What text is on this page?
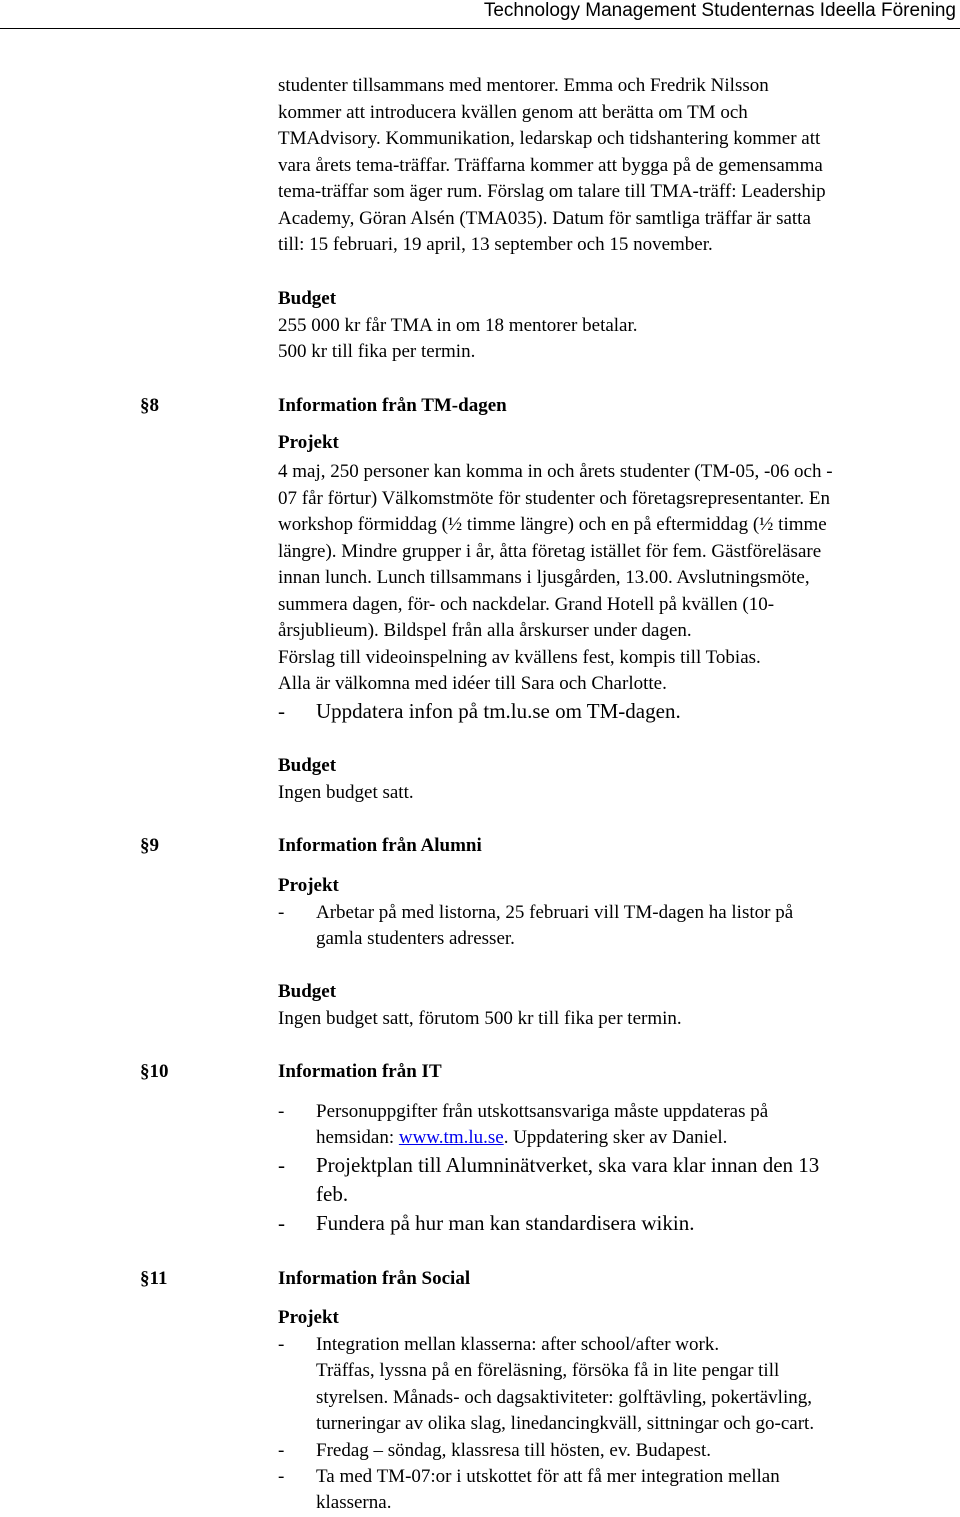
Technology Management Studenternas Ideella Förening
studenter tillsammans med mentorer. Emma och Fredrik Nilsson
kommer att introducera kvällen genom att berätta om TM och
TMAdvisory. Kommunikation, ledarskap och tidshantering kommer att
vara årets tema-träffar. Träffarna kommer att bygga på de gemensamma
tema-träffar som äger rum. Förslag om talare till TMA-träff: Leadership
Academy, Göran Alsén (TMA035). Datum för samtliga träffar är satta
till: 15 februari, 19 april, 13 september och 15 november.
Budget
255 000 kr får TMA in om 18 mentorer betalar.
500 kr till fika per termin.
§8	Information från TM-dagen
Projekt
4 maj, 250 personer kan komma in och årets studenter (TM-05, -06 och -
07 får förtur) Välkomstmöte för studenter och företagsrepresentanter. En
workshop förmiddag (½ timme längre) och en på eftermiddag (½ timme
längre). Mindre grupper i år, åtta företag istället för fem. Gästföreläsare
innan lunch. Lunch tillsammans i ljusgården, 13.00. Avslutningsmöte,
summera dagen, för- och nackdelar. Grand Hotell på kvällen (10-
årsjublieum). Bildspel från alla årskurser under dagen.
Förslag till videoinspelning av kvällens fest, kompis till Tobias.
Alla är välkomna med idéer till Sara och Charlotte.
- Uppdatera infon på tm.lu.se om TM-dagen.
Budget
Ingen budget satt.
§9	Information från Alumni
Projekt
- Arbetar på med listorna, 25 februari vill TM-dagen ha listor på
gamla studenters adresser.
Budget
Ingen budget satt, förutom 500 kr till fika per termin.
§10	Information från IT
- Personuppgifter från utskottsansvariga måste uppdateras på
hemsidan: www.tm.lu.se. Uppdatering sker av Daniel.
- Projektplan till Alumninätverket, ska vara klar innan den 13
feb.
- Fundera på hur man kan standardisera wikin.
§11	Information från Social
Projekt
- Integration mellan klasserna: after school/after work.
Träffas, lyssna på en föreläsning, försöka få in lite pengar till
styrelsen. Månads- och dagsaktiviteter: golftävling, pokertävling,
turneringar av olika slag, linedancingkväll, sittningar och go-cart.
- Fredag – söndag, klassresa till hösten, ev. Budapest.
- Ta med TM-07:or i utskottet för att få mer integration mellan
klasserna.
